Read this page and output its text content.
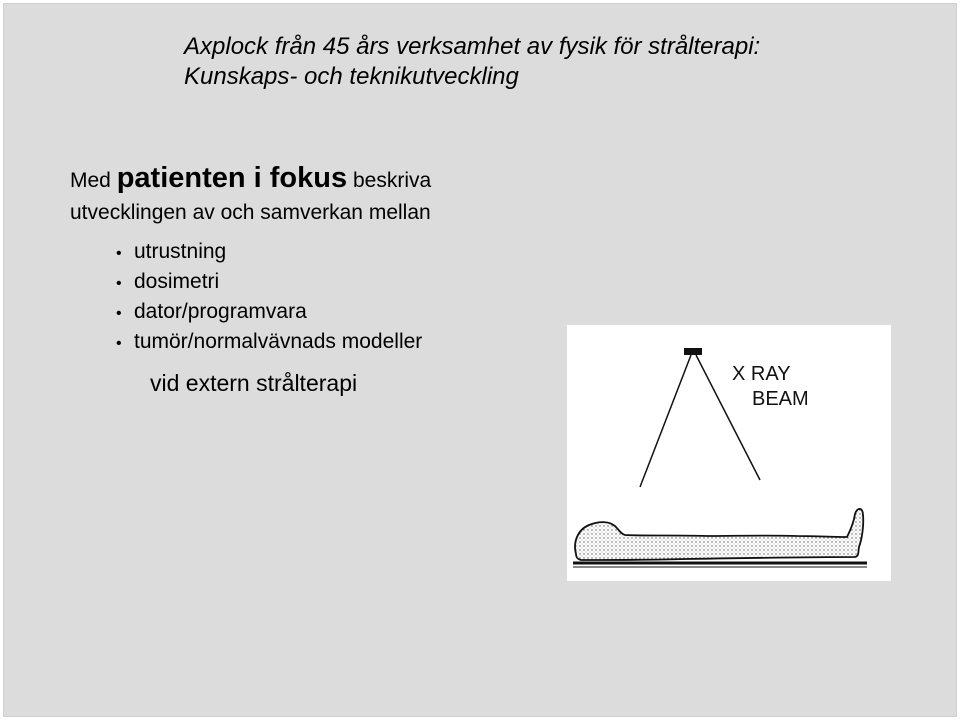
Axplock från 45 års verksamhet av fysik för strålterapi:
Kunskaps- och teknikutveckling
Med patienten i fokus beskriva
utvecklingen av och samverkan mellan
• utrustning
• dosimetri
• dator/programvara
• tumör/normalvävnads modeller
vid extern strålterapi	X RAY
BEAM
